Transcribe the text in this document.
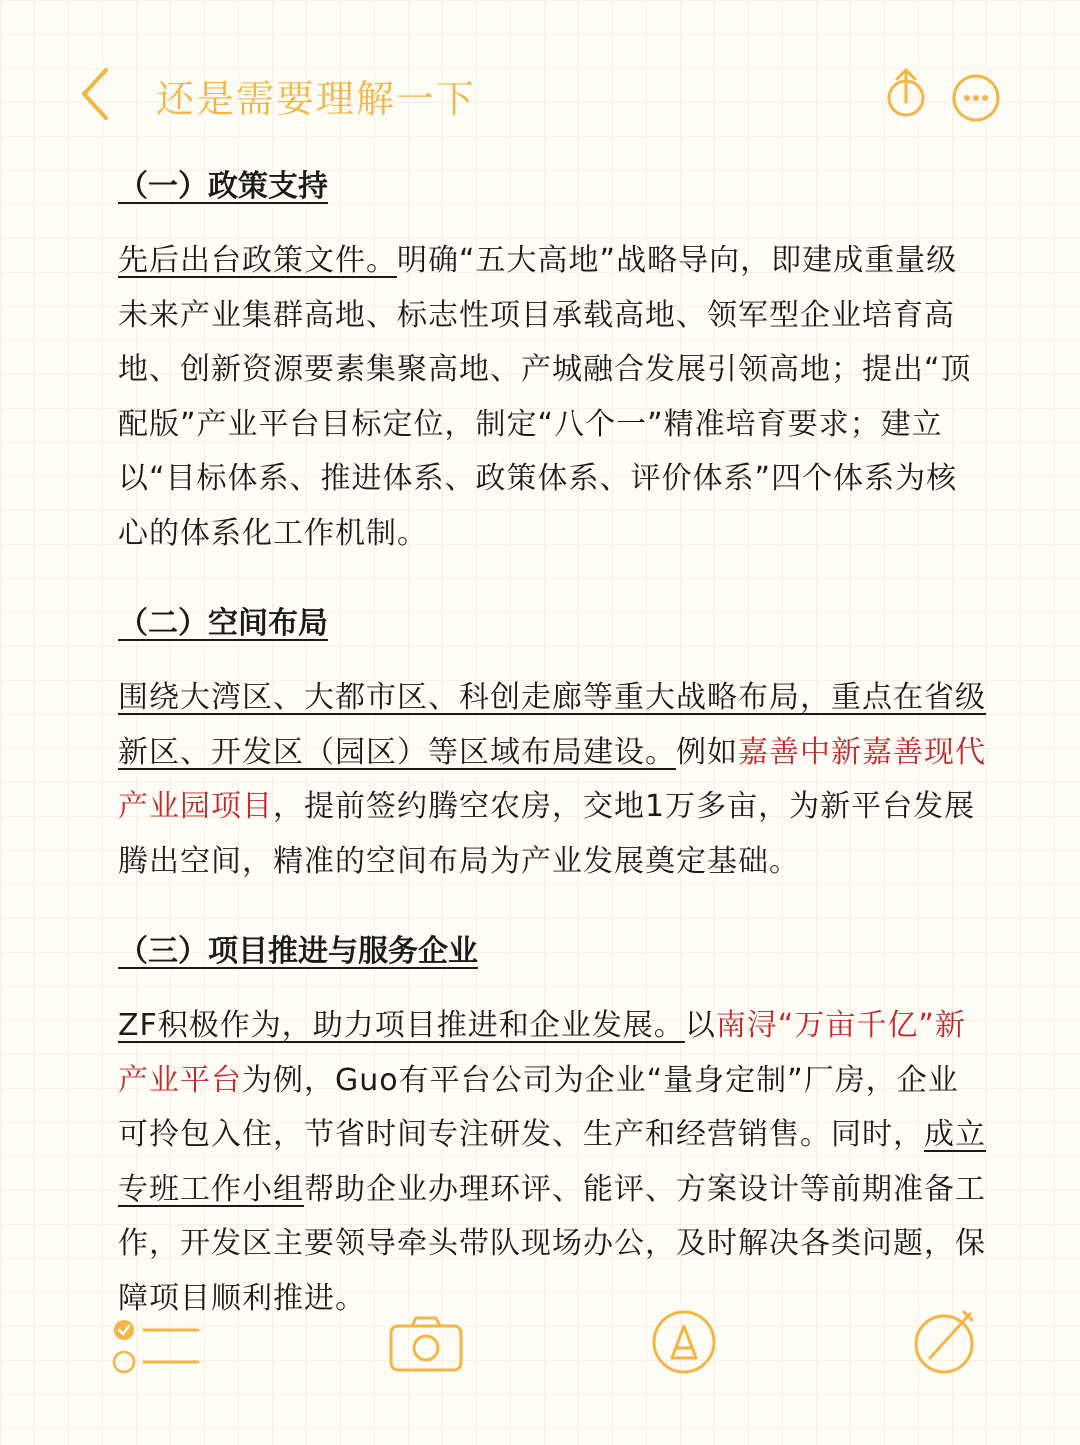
还是需要理解一下
（一）政策支持

先后出台政策文件。明确“五大高地”战略导向，即建成重量级未来产业集群高地、标志性项目承载高地、领军型企业培育高地、创新资源要素集聚高地、产城融合发展引领高地；提出“顶配版”产业平台目标定位，制定“八个一”精准培育要求；建立以“目标体系、推进体系、政策体系、评价体系”四个体系为核心的体系化工作机制。

（二）空间布局

围绕大湾区、大都市区、科创走廊等重大战略布局，重点在省级新区、开发区（园区）等区域布局建设。例如嘉善中新嘉善现代产业园项目，提前签约腾空农房，交地1万多亩，为新平台发展腾出空间，精准的空间布局为产业发展奠定基础。

（三）项目推进与服务企业

ZF积极作为，助力项目推进和企业发展。以南浔“万亩千亿”新产业平台为例，Guo有平台公司为企业“量身定制”厂房，企业可拎包入住，节省时间专注研发、生产和经营销售。同时，成立专班工作小组帮助企业办理环评、能评、方案设计等前期准备工作，开发区主要领导牵头带队现场办公，及时解决各类问题，保障项目顺利推进。
